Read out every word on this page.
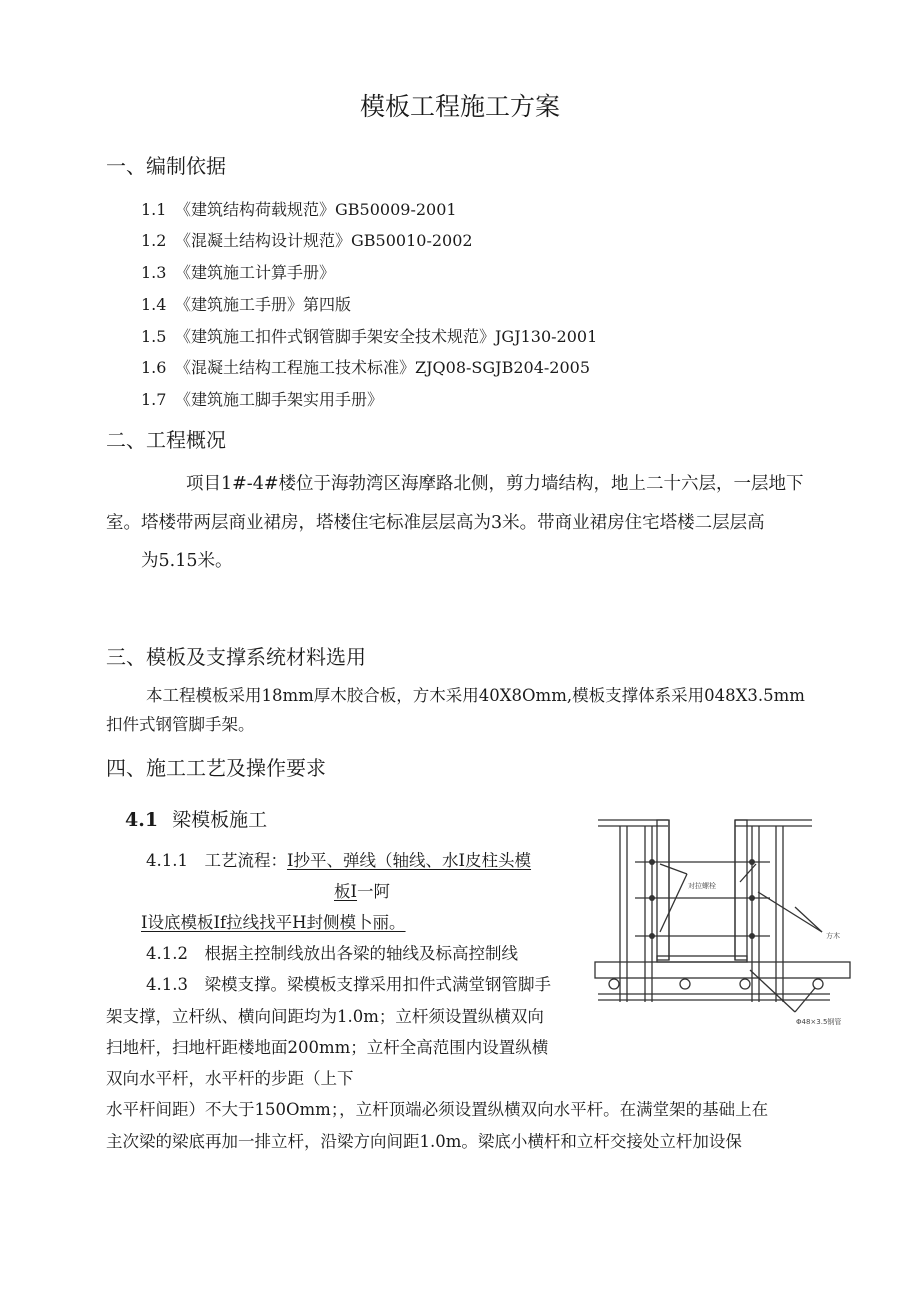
模板工程施工方案
一、编制依据
1.1 《建筑结构荷载规范》GB50009-2001
1.2 《混凝土结构设计规范》GB50010-2002
1.3 《建筑施工计算手册》
1.4 《建筑施工手册》第四版
1.5 《建筑施工扣件式钢管脚手架安全技术规范》JGJ130-2001
1.6 《混凝土结构工程施工技术标准》ZJQ08-SGJB204-2005
1.7 《建筑施工脚手架实用手册》
二、工程概况
项目1#-4#楼位于海勃湾区海摩路北侧，剪力墙结构，地上二十六层，一层地下
室。塔楼带两层商业裙房，塔楼住宅标准层层高为3米。带商业裙房住宅塔楼二层层高
为5.15米。
三、模板及支撑系统材料选用
本工程模板采用18mm厚木胶合板，方木采用40X8Omm,模板支撑体系采用048X3.5mm
扣件式钢管脚手架。
四、施工工艺及操作要求
4.1 梁模板施工
4.1.1　工艺流程：I抄平、弹线（轴线、水I皮柱头模
板I一阿
I设底模板If拉线找平H封侧模卜丽。
4.1.2　根据主控制线放出各梁的轴线及标高控制线
4.1.3　梁模支撑。梁模板支撑采用扣件式满堂钢管脚手
架支撑，立杆纵、横向间距均为1.0m；立杆须设置纵横双向
扫地杆，扫地杆距楼地面200mm；立杆全高范围内设置纵横
双向水平杆，水平杆的步距（上下
水平杆间距）不大于150Omm；，立杆顶端必须设置纵横双向水平杆。在满堂架的基础上在
主次梁的梁底再加一排立杆，沿梁方向间距1.0m。梁底小横杆和立杆交接处立杆加设保
对拉螺栓
方木
Φ48×3.5钢管
